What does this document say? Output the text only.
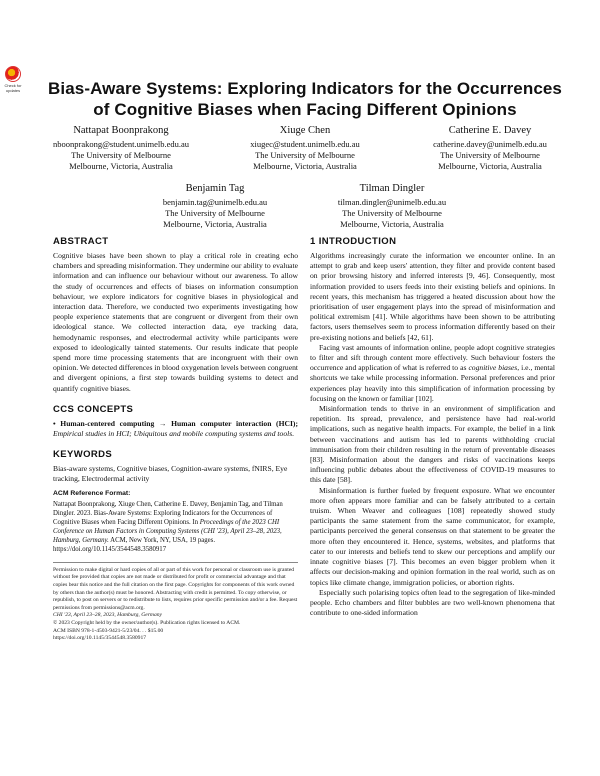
Check for updates	Bias-Aware Systems: Exploring Indicators for the Occurrences of Cognitive Biases when Facing Different Opinions
Nattapat Boonprakong
nboonprakong@student.unimelb.edu.au
The University of Melbourne
Melbourne, Victoria, Australia
Xiuge Chen
xiugec@student.unimelb.edu.au
The University of Melbourne
Melbourne, Victoria, Australia
Catherine E. Davey
catherine.davey@unimelb.edu.au
The University of Melbourne
Melbourne, Victoria, Australia
Benjamin Tag
benjamin.tag@unimelb.edu.au
The University of Melbourne
Melbourne, Victoria, Australia
Tilman Dingler
tilman.dingler@unimelb.edu.au
The University of Melbourne
Melbourne, Victoria, Australia
ABSTRACT

Cognitive biases have been shown to play a critical role in creating echo chambers and spreading misinformation. They undermine our ability to evaluate information and can influence our behaviour without our awareness. To allow the study of occurrences and effects of biases on information consumption behaviour, we explore indicators for cognitive biases in physiological and interaction data. Therefore, we conducted two experiments investigating how people experience statements that are congruent or divergent from their own ideological stance. We collected interaction data, eye tracking data, hemodynamic responses, and electrodermal activity while participants were exposed to ideologically tainted statements. Our results indicate that people spend more time processing statements that are incongruent with their own opinion. We detected differences in blood oxygenation levels between congruent and divergent opinions, a first step towards building systems to detect and quantify cognitive biases.

CCS CONCEPTS

• Human-centered computing → Human computer interaction (HCI); Empirical studies in HCI; Ubiquitous and mobile computing systems and tools.

KEYWORDS

Bias-aware systems, Cognitive biases, Cognition-aware systems, fNIRS, Eye tracking, Electrodermal activity

ACM Reference Format:

Nattapat Boonprakong, Xiuge Chen, Catherine E. Davey, Benjamin Tag, and Tilman Dingler. 2023. Bias-Aware Systems: Exploring Indicators for the Occurrences of Cognitive Biases when Facing Different Opinions. In Proceedings of the 2023 CHI Conference on Human Factors in Computing Systems (CHI '23), April 23–28, 2023, Hamburg, Germany. ACM, New York, NY, USA, 19 pages. https://doi.org/10.1145/3544548.3580917

Permission to make digital or hard copies of all or part of this work for personal or classroom use is granted without fee provided that copies are not made or distributed for profit or commercial advantage and that copies bear this notice and the full citation on the first page. Copyrights for components of this work owned by others than the author(s) must be honored. Abstracting with credit is permitted. To copy otherwise, or republish, to post on servers or to redistribute to lists, requires prior specific permission and/or a fee. Request permissions from permissions@acm.org.
CHI '23, April 23–28, 2023, Hamburg, Germany
© 2023 Copyright held by the owner/author(s). Publication rights licensed to ACM.
ACM ISBN 978-1-4503-9421-5/23/04. . . $15.00
https://doi.org/10.1145/3544548.3580917
1 INTRODUCTION

Algorithms increasingly curate the information we encounter online. In an attempt to grab and keep users' attention, they filter and provide content based on prior browsing history and inferred interests [9, 46]. Consequently, most information provided to users feeds into their existing beliefs and opinions. In recent years, this mechanism has triggered a heated discussion about how the prioritisation of user engagement plays into the spread of misinformation and political extremism [41]. While algorithms have been shown to be attributing factors, users themselves seem to process information differently based on their pre-existing notions and beliefs [42, 61].

Facing vast amounts of information online, people adopt cognitive strategies to filter and sift through content more effectively. Such behaviour fosters the occurrence and application of what is referred to as cognitive biases, i.e., mental shortcuts we take while processing information. Personal preferences and prior experiences play heavily into this simplification of information processing by focusing on the known or familiar [102].

Misinformation tends to thrive in an environment of simplification and repetition. Its spread, prevalence, and persistence have had real-world implications, such as negative health impacts. For example, the belief in a link between vaccinations and autism has led to parents withholding crucial immunisation from their children resulting in the return of preventable diseases [83]. Misinformation about the dangers and risks of vaccinations keeps influencing public debates about the effectiveness of COVID-19 measures to this date [58].

Misinformation is further fueled by frequent exposure. What we encounter more often appears more familiar and can be falsely attributed to a certain truism. When Weaver and colleagues [108] repeatedly showed study participants the same statement from the same communicator, for example, participants perceived the general consensus on that statement to be greater the more often they encountered it. Hence, systems, websites, and platforms that cater to our interests and beliefs tend to skew our perceptions and amplify our innate cognitive biases [7]. This becomes an even bigger problem when it affects our decision-making and opinion formation in the real world, such as on topics like climate change, immigration policies, or abortion rights.

Especially such polarising topics often lead to the segregation of like-minded people. Echo chambers and filter bubbles are two well-known phenomena that contribute to one-sided information
